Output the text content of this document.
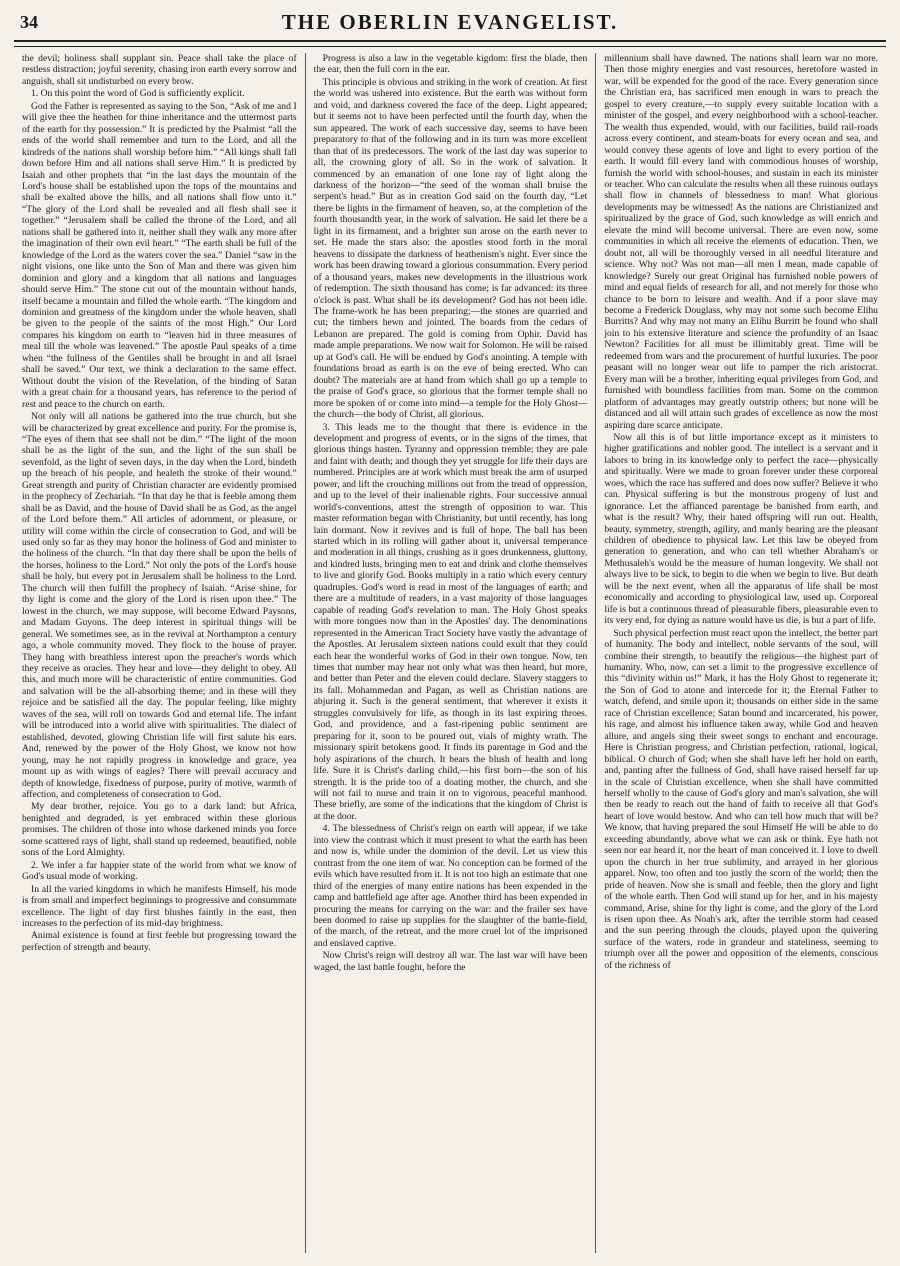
34	THE OBERLIN EVANGELIST.

the devil; holiness shall supplant sin. Peace shall take the place of restless distraction; joyful serenity, chasing iron earth every sorrow and anguish, shall sit undisturbed on every brow.

1. On this point the word of God is sufficiently explicit.

God the Father is represented as saying to the Son, “Ask of me and I will give thee the heathen for thine inheritance and the uttermost parts of the earth for thy possession.” It is predicted by the Psalmist “all the ends of the world shall remember and turn to the Lord, and all the kindreds of the nations shall worship before him.” “All kings shall fall down before Him and all nations shall serve Him.” It is predicted by Isaiah and other prophets that “in the last days the mountain of the Lord's house shall be established upon the tops of the mountains and shall be exalted above the hills, and all nations shall flow unto it.” “The glory of the Lord shall be revealed and all flesh shall see it together.” “Jerusalem shall be called the throne of the Lord, and all nations shall be gathered into it, neither shall they walk any more after the imagination of their own evil heart.” “The earth shall be full of the knowledge of the Lord as the waters cover the sea.” Daniel “saw in the night visions, one like unto the Son of Man and there was given him dominion and glory and a kingdom that all nations and languages should serve Him.” The stone cut out of the mountain without hands, itself became a mountain and filled the whole earth. “The kingdom and dominion and greatness of the kingdom under the whole heaven, shall be given to the people of the saints of the most High.” Our Lord compares his kingdom on earth to “leaven hid in three measures of meal till the whole was leavened.” The apostle Paul speaks of a time when “the fullness of the Gentiles shall be brought in and all Israel shall be saved.” Our text, we think a declaration to the same effect. Without doubt the vision of the Revelation, of the binding of Satan with a great chain for a thousand years, has reference to the period of rest and peace to the church on earth.

Not only will all nations be gathered into the true church, but she will be characterized by great excellence and purity. For the promise is, “The eyes of them that see shall not be dim.” “The light of the moon shall be as the light of the sun, and the light of the sun shall be sevenfold, as the light of seven days, in the day when the Lord, bindeth up the breach of his people, and healeth the stroke of their wound.” Great strength and purity of Christian character are evidently promised in the prophecy of Zechariah. “In that day he that is feeble among them shall be as David, and the house of David shall be as God, as the angel of the Lord before them.” All articles of adornment, or pleasure, or utility will come within the circle of consecration to God, and will be used only so far as they may honor the holiness of God and minister to the holiness of the church. “In that day there shall be upon the bells of the horses, holiness to the Lord.” Not only the pots of the Lord's house shall be holy, but every pot in Jerusalem shall be holiness to the Lord. The church will then fulfill the prophecy of Isaiah. “Arise shine, for thy light is come and the glory of the Lord is risen upon thee.” The lowest in the church, we may suppose, will become Edward Paysons, and Madam Guyons. The deep interest in spiritual things will be general. We sometimes see, as in the revival at Northampton a century ago, a whole community moved. They flock to the house of prayer. They hang with breathless interest upon the preacher's words which they receive as oracles. They hear and love—they delight to obey. All this, and much more will be characteristic of entire communities. God and salvation will be the all-absorbing theme; and in these will they rejoice and be satisfied all the day. The popular feeling, like mighty waves of the sea, will roll on towards God and eternal life. The infant will be introduced into a world alive with spiritualities. The dialect of established, devoted, glowing Christian life will first salute his ears. And, renewed by the power of the Holy Ghost, we know not how young, may he not rapidly progress in knowledge and grace, yea mount up as with wings of eagles? There will prevail accuracy and depth of knowledge, fixedness of purpose, purity of motive, warmth of affection, and completeness of consecration to God.

My dear brother, rejoice. You go to a dark land: but Africa, benighted and degraded, is yet embraced within these glorious promises. The children of those into whose darkened minds you force some scattered rays of light, shall stand up redeemed, beautified, noble sons of the Lord Almighty.

2. We infer a far happier state of the world from what we know of God's usual mode of working.

In all the varied kingdoms in which he manifests Himself, his mode is from small and imperfect beginnings to progressive and consummate excellence. The light of day first blushes faintly in the east, then increases to the perfection of its mid-day brightness.

Animal existence is found at first feeble but progressing toward the perfection of strength and beauty.

Progress is also a law in the vegetable kigdom: first the blade, then the ear, then the full corn in the ear.

This principle is obvious and striking in the work of creation. At first the world was ushered into existence. But the earth was without form and void, and darkness covered the face of the deep. Light appeared; but it seems not to have been perfected until the fourth day, when the sun appeared. The work of each successive day, seems to have been preparatory to that of the following and in its turn was more excellent than that of its predecessors. The work of the last day was superior to all, the crowning glory of all. So in the work of salvation. It commenced by an emanation of one lone ray of light along the darkness of the horizon—“the seed of the woman shall bruise the serpent's head.” But as in creation God said on the fourth day, “Let there be lights in the firmament of heaven, so, at the completion of the fourth thousandth year, in the work of salvation. He said let there be a light in its firmament, and a brighter sun arose on the earth never to set. He made the stars also: the apostles stood forth in the moral heavens to dissipate the darkness of heathenism's night. Ever since the work has been drawing toward a glorious consummation. Every period of a thousand years, makes new developments in the illustrious work of redemption. The sixth thousand has come; is far advanced: its three o'clock is past. What shall be its development? God has not been idle. The frame-work he has been preparing;—the stones are quarried and cut; the timbers hewn and jointed. The boards from the cedars of Lebanon are prepared. The gold is coming from Ophir. David has made ample preparations. We now wait for Solomon. He will be raised up at God's call. He will be endued by God's anointing. A temple with foundations broad as earth is on the eve of being erected. Who can doubt? The materials are at hand from which shall go up a temple to the praise of God's grace, so glorious that the former temple shall no more be spoken of or come into mind—a temple for the Holy Ghost—the church—the body of Christ, all glorious.

3. This leads me to the thought that there is evidence in the development and progress of events, or in the signs of the times, that glorious things hasten. Tyranny and oppression tremble; they are pale and faint with death; and though they yet struggle for life their days are numbered. Principles are at work which must break the arm of usurped power, and lift the crouching millions out from the tread of oppression, and up to the level of their inalienable rights. Four successive annual world's-conventions, attest the strength of opposition to war. This master reformation began with Christianity, but until recently, has long lain dormant. Now it revives and is full of hope. The ball has been started which in its rolling will gather about it, universal temperance and moderation in all things, crushing as it goes drunkenness, gluttony, and kindred lusts, bringing men to eat and drink and clothe themselves to live and glorify God. Books multiply in a ratio which every century quadruples. God's word is read in most of the languages of earth; and there are a multitude of readers, in a vast majority of those languages capable of reading God's revelation to man. The Holy Ghost speaks with more tongues now than in the Apostles' day. The denominations represented in the American Tract Society have vastly the advantage of the Apostles. At Jerusalem sixteen nations could exult that they could each hear the wonderful works of God in their own tongue. Now, ten times that number may hear not only what was then heard, but more, and better than Peter and the eleven could declare. Slavery staggers to its fall. Mohammedan and Pagan, as well as Christian nations are abjuring it. Such is the general sentiment, that wherever it exists it struggles convulsively for life, as though in its last expiring throes. God, and providence, and a fast-ripening public sentiment are preparing for it, soon to be poured out, vials of mighty wrath. The missionary spirit betokens good. It finds its parentage in God and the holy aspirations of the church. It bears the blush of health and long life. Sure it is Christ's darling child,—his first born—the son of his strength. It is the pride too of a doating mother, the church, and she will not fail to nurse and train it on to vigorous, peaceful manhood. These briefly, are some of the indications that the kingdom of Christ is at the door.

4. The blessedness of Christ's reign on earth will appear, if we take into view the contrast which it must present to what the earth has been and now is, while under the dominion of the devil. Let us view this contrast from the one item of war. No conception can be formed of the evils which have resulted from it. It is not too high an estimate that one third of the energies of many entire nations has been expended in the camp and battlefield age after age. Another third has been expended in procuring the means for carrying on the war: and the frailer sex have been doomed to raise up supplies for the slaughter of the battle-field, of the march, of the retreat, and the more cruel lot of the imprisoned and enslaved captive.

Now Christ's reign will destroy all war. The last war will have been waged, the last battle fought, before the

millennium shall have dawned. The nations shall learn war no more. Then those mighty energies and vast resources, heretofore wasted in war, will be expended for the good of the race. Every generation since the Christian era, has sacrificed men enough in wars to preach the gospel to every creature,—to supply every suitable location with a minister of the gospel, and every neighborhood with a school-teacher. The wealth thus expended, would, with our facilities, build rail-roads across every continent, and steam-boats for every ocean and sea, and would convey these agents of love and light to every portion of the earth. It would fill every land with commodious houses of worship, furnish the world with school-houses, and sustain in each its minister or teacher. Who can calculate the results when all these ruinous outlays shall flow in channels of blessedness to man! What glorious developments may be witnessed! As the nations are Christianized and spiritualized by the grace of God, such knowledge as will enrich and elevate the mind will become universal. There are even now, some communities in which all receive the elements of education. Then, we doubt not, all will be thoroughly versed in all needful literature and science. Why not? Was not man—all men I mean, made capable of knowledge? Surely our great Original has furnished noble powers of mind and equal fields of research for all, and not merely for those who chance to be born to leisure and wealth. And if a poor slave may become a Frederick Douglass, why may not some such become Elihu Burritts? And why may not many an Elihu Burritt be found who shall join to his extensive literature and science the profundity of an Isaac Newton? Facilities for all must be illimitably great. Time will be redeemed from wars and the procurement of hurtful luxuries. The poor peasant will no longer wear out life to pamper the rich aristocrat. Every man will be a brother, inheriting equal privileges from God, and furnished with boundless facilities from man. Some on the common platform of advantages may greatly outstrip others; but none will be distanced and all will attain such grades of excellence as now the most aspiring dare scarce anticipate.

Now all this is of but little importance except as it ministers to higher gratifications and nobler good. The intellect is a servant and it labors to bring in its knowledge only to perfect the race—physically and spiritually. Were we made to groan forever under these corporeal woes, which the race has suffered and does now suffer? Believe it who can. Physical suffering is but the monstrous progeny of lust and ignorance. Let the affianced parentage be banished from earth, and what is the result? Why, their hated offspring will run out. Health, beauty, symmetry, strength, agility, and manly bearing are the pleasant children of obedience to physical law. Let this law be obeyed from generation to generation, and who can tell whether Abraham's or Methusaleh's would be the measure of human longevity. We shall not always live to be sick, to begin to die when we begin to live. But death will be the next event, when all the apparatus of life shall be most economically and according to physiological law, used up. Corporeal life is but a continuous thread of pleasurable fibers, pleasurable even to its very end, for dying as nature would have us die, is but a part of life.

Such physical perfection must react upon the intellect, the better part of humanity. The body and intellect, noble servants of the soul, will combine their strength, to beautify the religious—the highest part of humanity. Who, now, can set a limit to the progressive excellence of this “divinity within us!” Mark, it has the Holy Ghost to regenerate it; the Son of God to atone and intercede for it; the Eternal Father to watch, defend, and smile upon it; thousands on either side in the same race of Christian excellence; Satan bound and incarcerated, his power, his rage, and almost his influence taken away, while God and heaven allure, and angels sing their sweet songs to enchant and encourage. Here is Christian progress, and Christian perfection, rational, logical, biblical. O church of God; when she shall have left her hold on earth, and, panting after the fullness of God, shall have raised herself far up in the scale of Christian excellence, when she shall have committed herself wholly to the cause of God's glory and man's salvation, she will then be ready to reach out the hand of faith to receive all that God's heart of love would bestow. And who can tell how much that will be? We know, that having prepared the soul Himself He will be able to do exceeding abundantly, above what we can ask or think. Eye hath not seen nor ear heard it, nor the heart of man conceived it. I love to dwell upon the church in her true sublimity, and arrayed in her glorious apparel. Now, too often and too justly the scorn of the world; then the pride of heaven. Now she is small and feeble, then the glory and light of the whole earth. Then God will stand up for her, and in his majesty command, Arise, shine for thy light is come, and the glory of the Lord is risen upon thee. As Noah's ark, after the terrible storm had ceased and the sun peering through the clouds, played upon the quivering surface of the waters, rode in grandeur and stateliness, seeming to triumph over all the power and opposition of the elements, conscious of the richness of
